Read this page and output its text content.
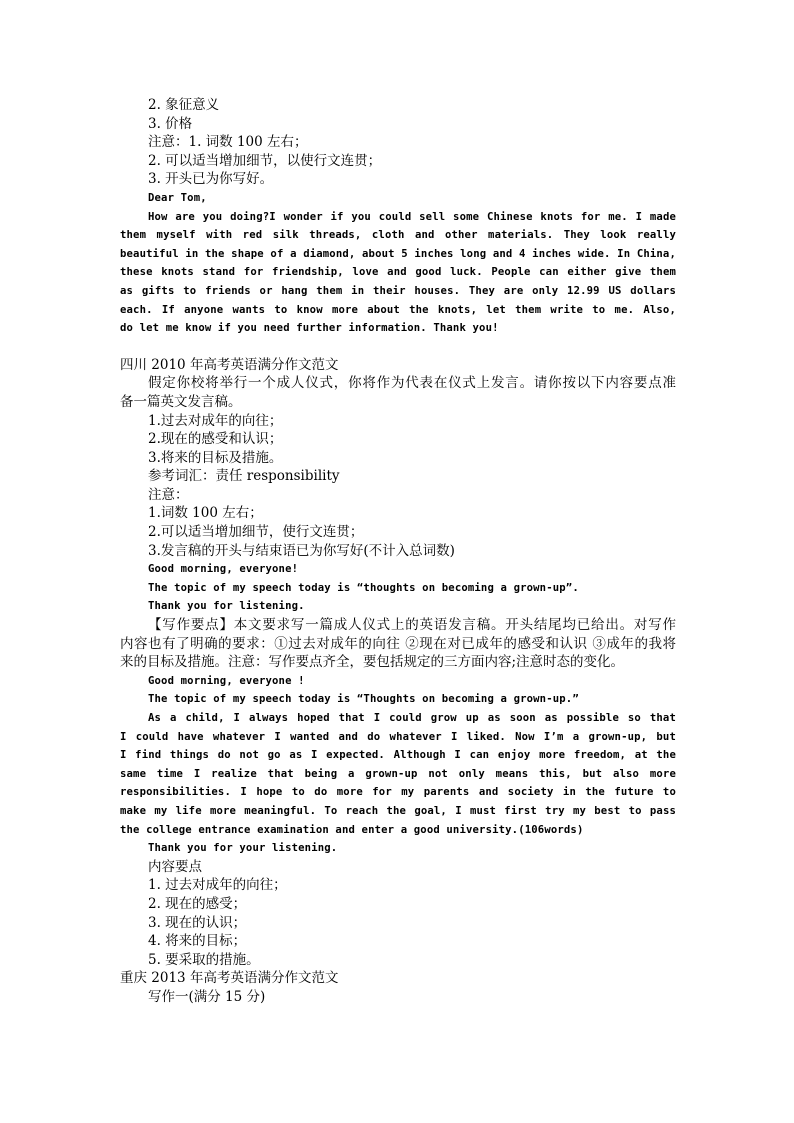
2. 象征意义
3. 价格
注意：1. 词数 100 左右；
2. 可以适当增加细节，以使行文连贯；
3. 开头已为你写好。
Dear Tom,
How are you doing?I wonder if you could sell some Chinese knots for me. I made
them myself with red silk threads, cloth and other materials. They look really
beautiful in the shape of a diamond, about 5 inches long and 4 inches wide. In China,
these knots stand for friendship, love and good luck. People can either give them
as gifts to friends or hang them in their houses. They are only 12.99 US dollars
each. If anyone wants to know more about the knots, let them write to me. Also,
do let me know if you need further information. Thank you!
四川 2010 年高考英语满分作文范文
假定你校将举行一个成人仪式，你将作为代表在仪式上发言。请你按以下内容要点准
备一篇英文发言稿。
1.过去对成年的向往；
2.现在的感受和认识；
3.将来的目标及措施。
参考词汇：责任 responsibility
注意：
1.词数 100 左右；
2.可以适当增加细节，使行文连贯；
3.发言稿的开头与结束语已为你写好(不计入总词数)
Good morning, everyone!
The topic of my speech today is “thoughts on becoming a grown-up”.
Thank you for listening.
【写作要点】本文要求写一篇成人仪式上的英语发言稿。开头结尾均已给出。对写作
内容也有了明确的要求：①过去对成年的向往 ②现在对已成年的感受和认识 ③成年的我将
来的目标及措施。注意：写作要点齐全，要包括规定的三方面内容;注意时态的变化。
Good morning, everyone !
The topic of my speech today is “Thoughts on becoming a grown-up.”
As a child, I always hoped that I could grow up as soon as possible so that
I could have whatever I wanted and do whatever I liked. Now I’m a grown-up, but
I find things do not go as I expected. Although I can enjoy more freedom, at the
same time I realize that being a grown-up not only means this, but also more
responsibilities. I hope to do more for my parents and society in the future to
make my life more meaningful. To reach the goal, I must first try my best to pass
the college entrance examination and enter a good university.(106words)
Thank you for your listening.
内容要点
1. 过去对成年的向往；
2. 现在的感受；
3. 现在的认识；
4. 将来的目标；
5. 要采取的措施。
重庆 2013 年高考英语满分作文范文
写作一(满分 15 分)
